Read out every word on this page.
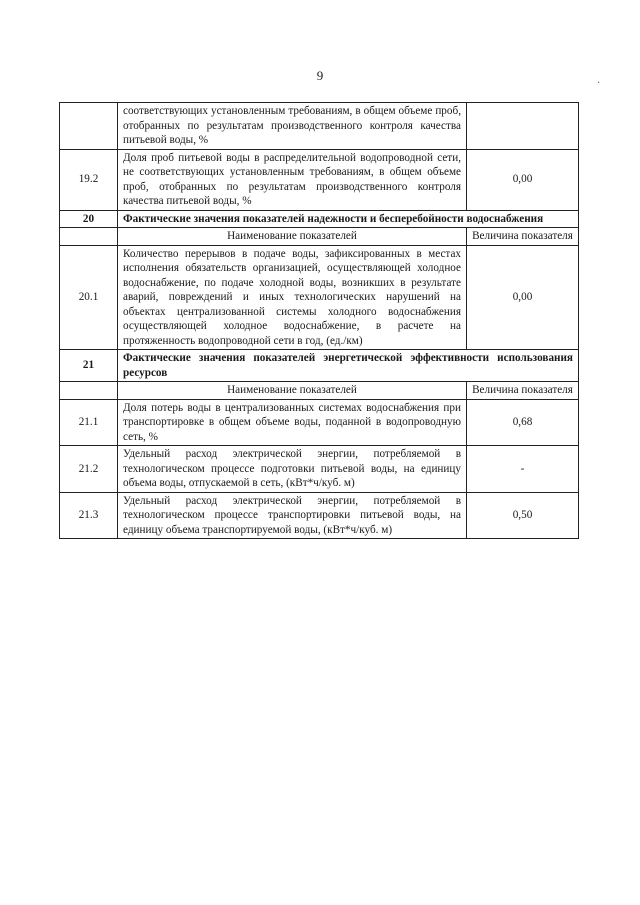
9
·
	соответствующих установленным требованиям, в общем объеме проб, отобранных по результатам производственного контроля качества питьевой воды, %	
19.2	Доля проб питьевой воды в распределительной водопроводной сети, не соответствующих установленным требованиям, в общем объеме проб, отобранных по результатам производственного контроля качества питьевой воды, %	0,00
20	Фактические значения показателей надежности и бесперебойности водоснабжения	
	Наименование показателей	Величина показателя
20.1	Количество перерывов в подаче воды, зафиксированных в местах исполнения обязательств организацией, осуществляющей холодное водоснабжение, по подаче холодной воды, возникших в результате аварий, повреждений и иных технологических нарушений на объектах централизованной системы холодного водоснабжения осуществляющей холодное водоснабжение, в расчете на протяженность водопроводной сети в год, (ед./км)	0,00
21	Фактические значения показателей энергетической эффективности использования ресурсов	
	Наименование показателей	Величина показателя
21.1	Доля потерь воды в централизованных системах водоснабжения при транспортировке в общем объеме воды, поданной в водопроводную сеть, %	0,68
21.2	Удельный расход электрической энергии, потребляемой в технологическом процессе подготовки питьевой воды, на единицу объема воды, отпускаемой в сеть, (кВт*ч/куб. м)	-
21.3	Удельный расход электрической энергии, потребляемой в технологическом процессе транспортировки питьевой воды, на единицу объема транспортируемой воды, (кВт*ч/куб. м)	0,50
